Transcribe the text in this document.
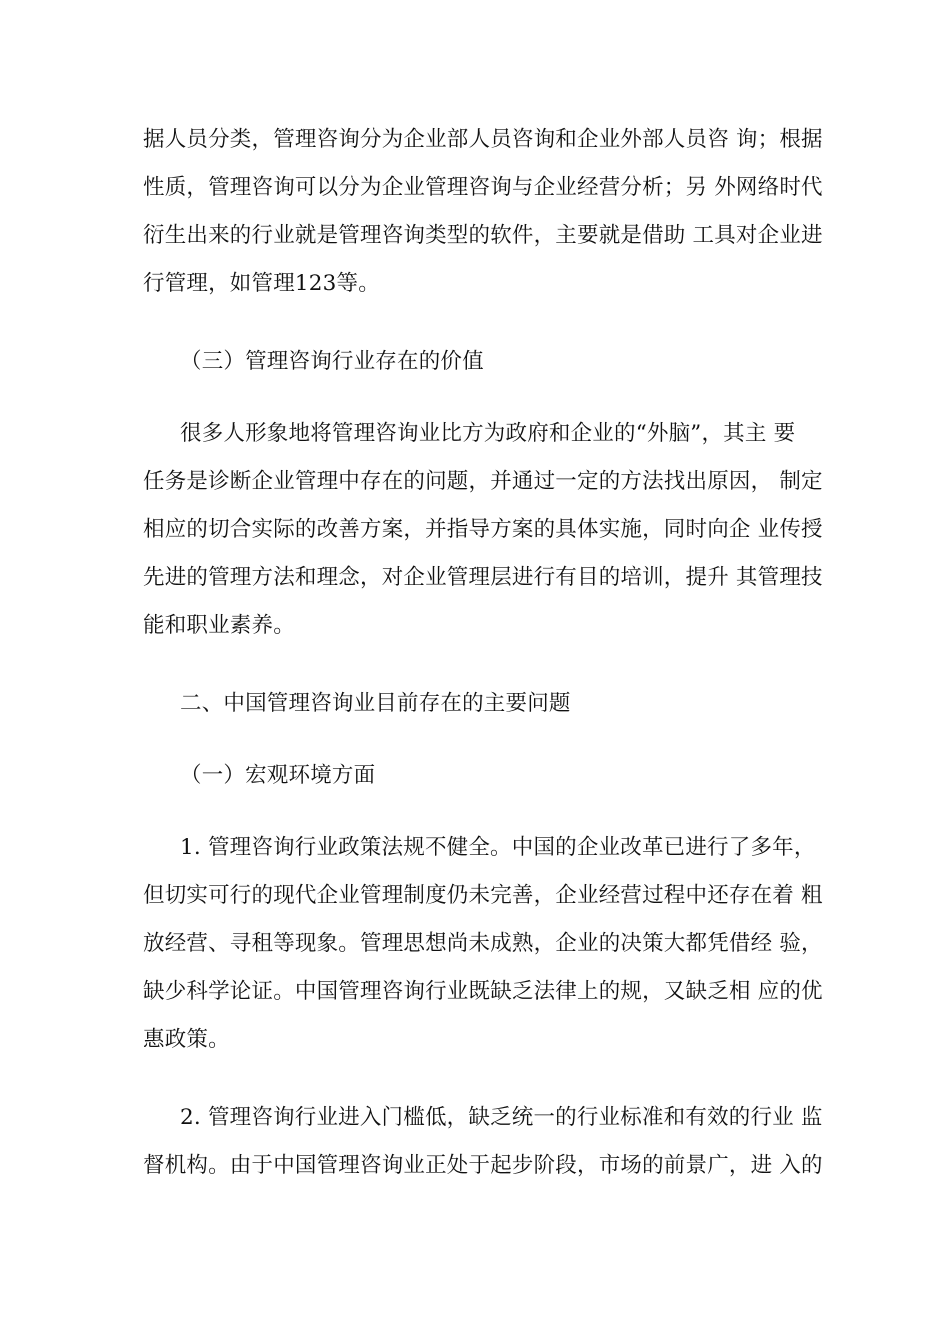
据人员分类，管理咨询分为企业部人员咨询和企业外部人员咨 询；根据
性质，管理咨询可以分为企业管理咨询与企业经营分析；另 外网络时代
衍生出来的行业就是管理咨询类型的软件，主要就是借助 工具对企业进
行管理，如管理123等。
（三）管理咨询行业存在的价值
很多人形象地将管理咨询业比方为政府和企业的“外脑”，其主 要
任务是诊断企业管理中存在的问题，并通过一定的方法找出原因， 制定
相应的切合实际的改善方案，并指导方案的具体实施，同时向企 业传授
先进的管理方法和理念，对企业管理层进行有目的培训，提升 其管理技
能和职业素养。
二、中国管理咨询业目前存在的主要问题
（一）宏观环境方面
1. 管理咨询行业政策法规不健全。中国的企业改革已进行了多年，
但切实可行的现代企业管理制度仍未完善，企业经营过程中还存在着 粗
放经营、寻租等现象。管理思想尚未成熟，企业的决策大都凭借经 验，
缺少科学论证。中国管理咨询行业既缺乏法律上的规，又缺乏相 应的优
惠政策。
2. 管理咨询行业进入门槛低，缺乏统一的行业标准和有效的行业 监
督机构。由于中国管理咨询业正处于起步阶段，市场的前景广，进 入的
